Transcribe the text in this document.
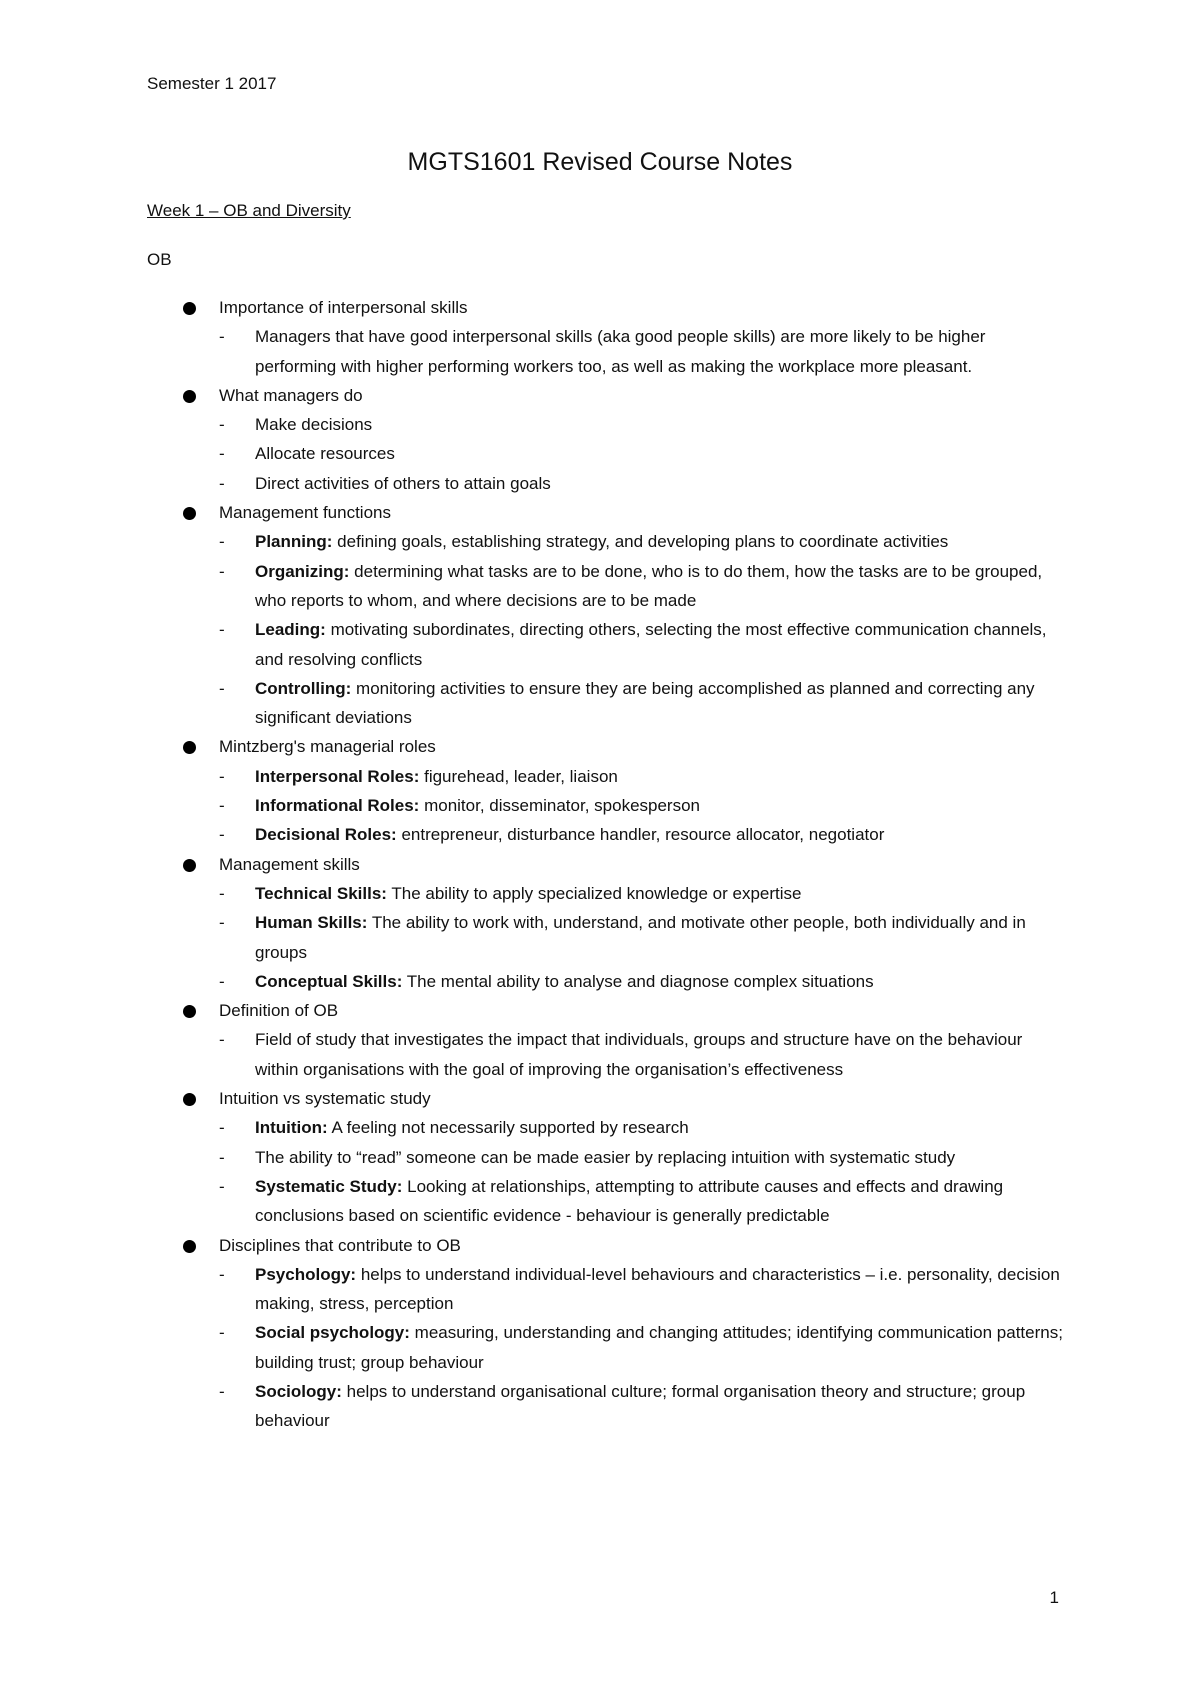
Semester 1 2017
MGTS1601 Revised Course Notes
Week 1 – OB and Diversity
OB
Importance of interpersonal skills
- Managers that have good interpersonal skills (aka good people skills) are more likely to be higher performing with higher performing workers too, as well as making the workplace more pleasant.
What managers do
- Make decisions
- Allocate resources
- Direct activities of others to attain goals
Management functions
- Planning: defining goals, establishing strategy, and developing plans to coordinate activities
- Organizing: determining what tasks are to be done, who is to do them, how the tasks are to be grouped, who reports to whom, and where decisions are to be made
- Leading: motivating subordinates, directing others, selecting the most effective communication channels, and resolving conflicts
- Controlling: monitoring activities to ensure they are being accomplished as planned and correcting any significant deviations
Mintzberg's managerial roles
- Interpersonal Roles: figurehead, leader, liaison
- Informational Roles: monitor, disseminator, spokesperson
- Decisional Roles: entrepreneur, disturbance handler, resource allocator, negotiator
Management skills
- Technical Skills: The ability to apply specialized knowledge or expertise
- Human Skills: The ability to work with, understand, and motivate other people, both individually and in groups
- Conceptual Skills: The mental ability to analyse and diagnose complex situations
Definition of OB
- Field of study that investigates the impact that individuals, groups and structure have on the behaviour within organisations with the goal of improving the organisation’s effectiveness
Intuition vs systematic study
- Intuition: A feeling not necessarily supported by research
- The ability to “read” someone can be made easier by replacing intuition with systematic study
- Systematic Study: Looking at relationships, attempting to attribute causes and effects and drawing conclusions based on scientific evidence - behaviour is generally predictable
Disciplines that contribute to OB
- Psychology: helps to understand individual-level behaviours and characteristics – i.e. personality, decision making, stress, perception
- Social psychology: measuring, understanding and changing attitudes; identifying communication patterns; building trust; group behaviour
- Sociology: helps to understand organisational culture; formal organisation theory and structure; group behaviour
1
